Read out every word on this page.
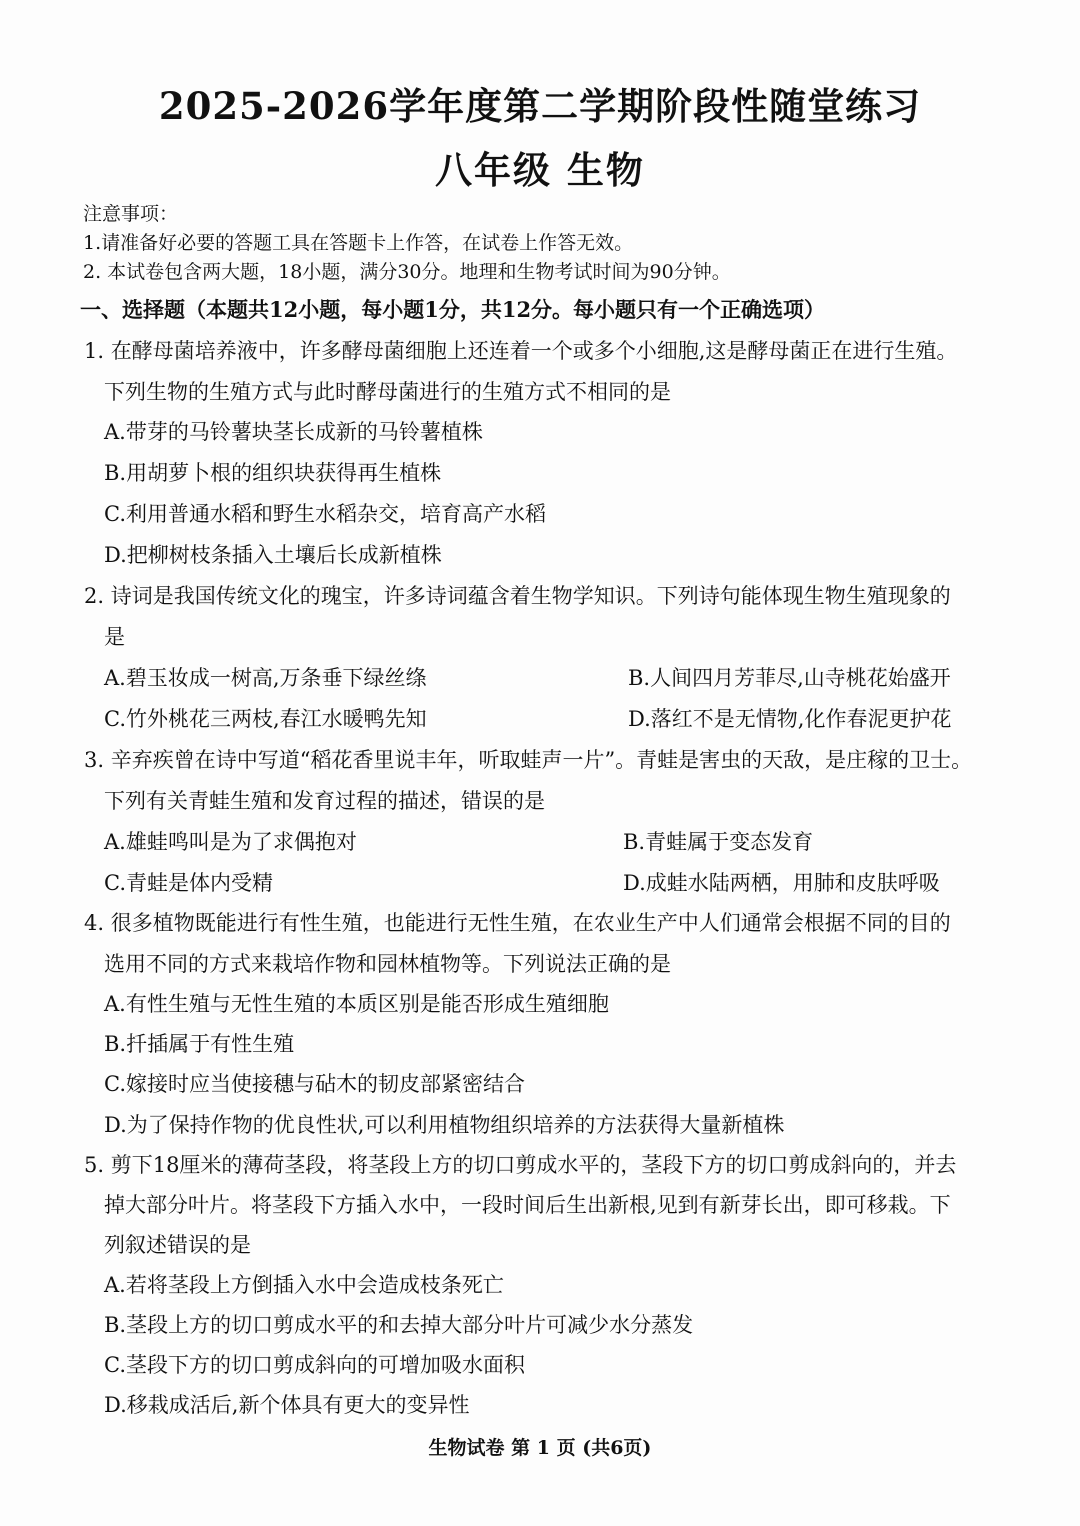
2025-2026学年度第二学期阶段性随堂练习
八年级 生物
注意事项：
1.请准备好必要的答题工具在答题卡上作答，在试卷上作答无效。
2. 本试卷包含两大题，18小题，满分30分。地理和生物考试时间为90分钟。
一、选择题（本题共12小题，每小题1分，共12分。每小题只有一个正确选项）
1. 在酵母菌培养液中，许多酵母菌细胞上还连着一个或多个小细胞,这是酵母菌正在进行生殖。
下列生物的生殖方式与此时酵母菌进行的生殖方式不相同的是
A.带芽的马铃薯块茎长成新的马铃薯植株
B.用胡萝卜根的组织块获得再生植株
C.利用普通水稻和野生水稻杂交，培育高产水稻
D.把柳树枝条插入土壤后长成新植株
2. 诗词是我国传统文化的瑰宝，许多诗词蕴含着生物学知识。下列诗句能体现生物生殖现象的
是
A.碧玉妆成一树高,万条垂下绿丝绦	B.人间四月芳菲尽,山寺桃花始盛开
C.竹外桃花三两枝,春江水暖鸭先知	D.落红不是无情物,化作春泥更护花
3. 辛弃疾曾在诗中写道“稻花香里说丰年，听取蛙声一片”。青蛙是害虫的天敌，是庄稼的卫士。
下列有关青蛙生殖和发育过程的描述，错误的是
A.雄蛙鸣叫是为了求偶抱对	B.青蛙属于变态发育
C.青蛙是体内受精	D.成蛙水陆两栖，用肺和皮肤呼吸
4. 很多植物既能进行有性生殖，也能进行无性生殖，在农业生产中人们通常会根据不同的目的
选用不同的方式来栽培作物和园林植物等。下列说法正确的是
A.有性生殖与无性生殖的本质区别是能否形成生殖细胞
B.扦插属于有性生殖
C.嫁接时应当使接穗与砧木的韧皮部紧密结合
D.为了保持作物的优良性状,可以利用植物组织培养的方法获得大量新植株
5. 剪下18厘米的薄荷茎段，将茎段上方的切口剪成水平的，茎段下方的切口剪成斜向的，并去
掉大部分叶片。将茎段下方插入水中，一段时间后生出新根,见到有新芽长出，即可移栽。下
列叙述错误的是
A.若将茎段上方倒插入水中会造成枝条死亡
B.茎段上方的切口剪成水平的和去掉大部分叶片可减少水分蒸发
C.茎段下方的切口剪成斜向的可增加吸水面积
D.移栽成活后,新个体具有更大的变异性
生物试卷 第 1 页 (共6页)
